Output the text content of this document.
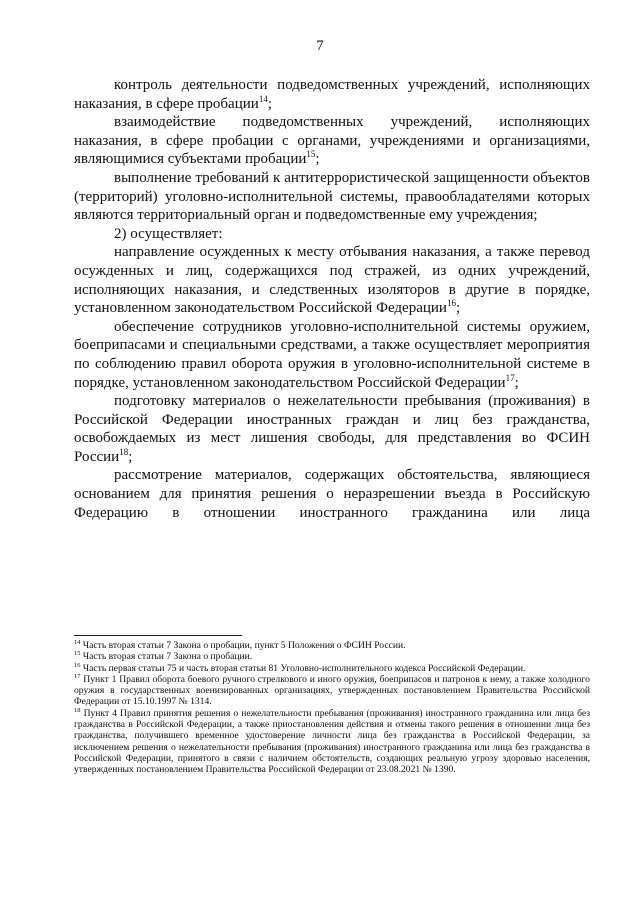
7

контроль деятельности подведомственных учреждений, исполняющих наказания, в сфере пробации$^{14}$;

взаимодействие подведомственных учреждений, исполняющих наказания, в сфере пробации с органами, учреждениями и организациями, являющимися субъектами пробации$^{15}$;

выполнение требований к антитеррористической защищенности объектов (территорий) уголовно-исполнительной системы, правообладателями которых являются территориальный орган и подведомственные ему учреждения;

2) осуществляет:

направление осужденных к месту отбывания наказания, а также перевод осужденных и лиц, содержащихся под стражей, из одних учреждений, исполняющих наказания, и следственных изоляторов в другие в порядке, установленном законодательством Российской Федерации$^{16}$;

обеспечение сотрудников уголовно-исполнительной системы оружием, боеприпасами и специальными средствами, а также осуществляет мероприятия по соблюдению правил оборота оружия в уголовно-исполнительной системе в порядке, установленном законодательством Российской Федерации$^{17}$;

подготовку материалов о нежелательности пребывания (проживания) в Российской Федерации иностранных граждан и лиц без гражданства, освобождаемых из мест лишения свободы, для представления во ФСИН России$^{18}$;

рассмотрение материалов, содержащих обстоятельства, являющиеся основанием для принятия решения о неразрешении въезда в Российскую Федерацию в отношении иностранного гражданина или лица

$^{14}$ Часть вторая статьи 7 Закона о пробации, пункт 5 Положения о ФСИН России.

$^{15}$ Часть вторая статьи 7 Закона о пробации.

$^{16}$ Часть первая статьи 75 и часть вторая статьи 81 Уголовно-исполнительного кодекса Российской Федерации.

$^{17}$ Пункт 1 Правил оборота боевого ручного стрелкового и иного оружия, боеприпасов и патронов к нему, а также холодного оружия в государственных военизированных организациях, утвержденных постановлением Правительства Российской Федерации от 15.10.1997 № 1314.

$^{18}$ Пункт 4 Правил принятия решения о нежелательности пребывания (проживания) иностранного гражданина или лица без гражданства в Российской Федерации, а также приостановления действия и отмены такого решения в отношении лица без гражданства, получившего временное удостоверение личности лица без гражданства в Российской Федерации, за исключением решения о нежелательности пребывания (проживания) иностранного гражданина или лица без гражданства в Российской Федерации, принятого в связи с наличием обстоятельств, создающих реальную угрозу здоровью населения, утвержденных постановлением Правительства Российской Федерации от 23.08.2021 № 1390.
